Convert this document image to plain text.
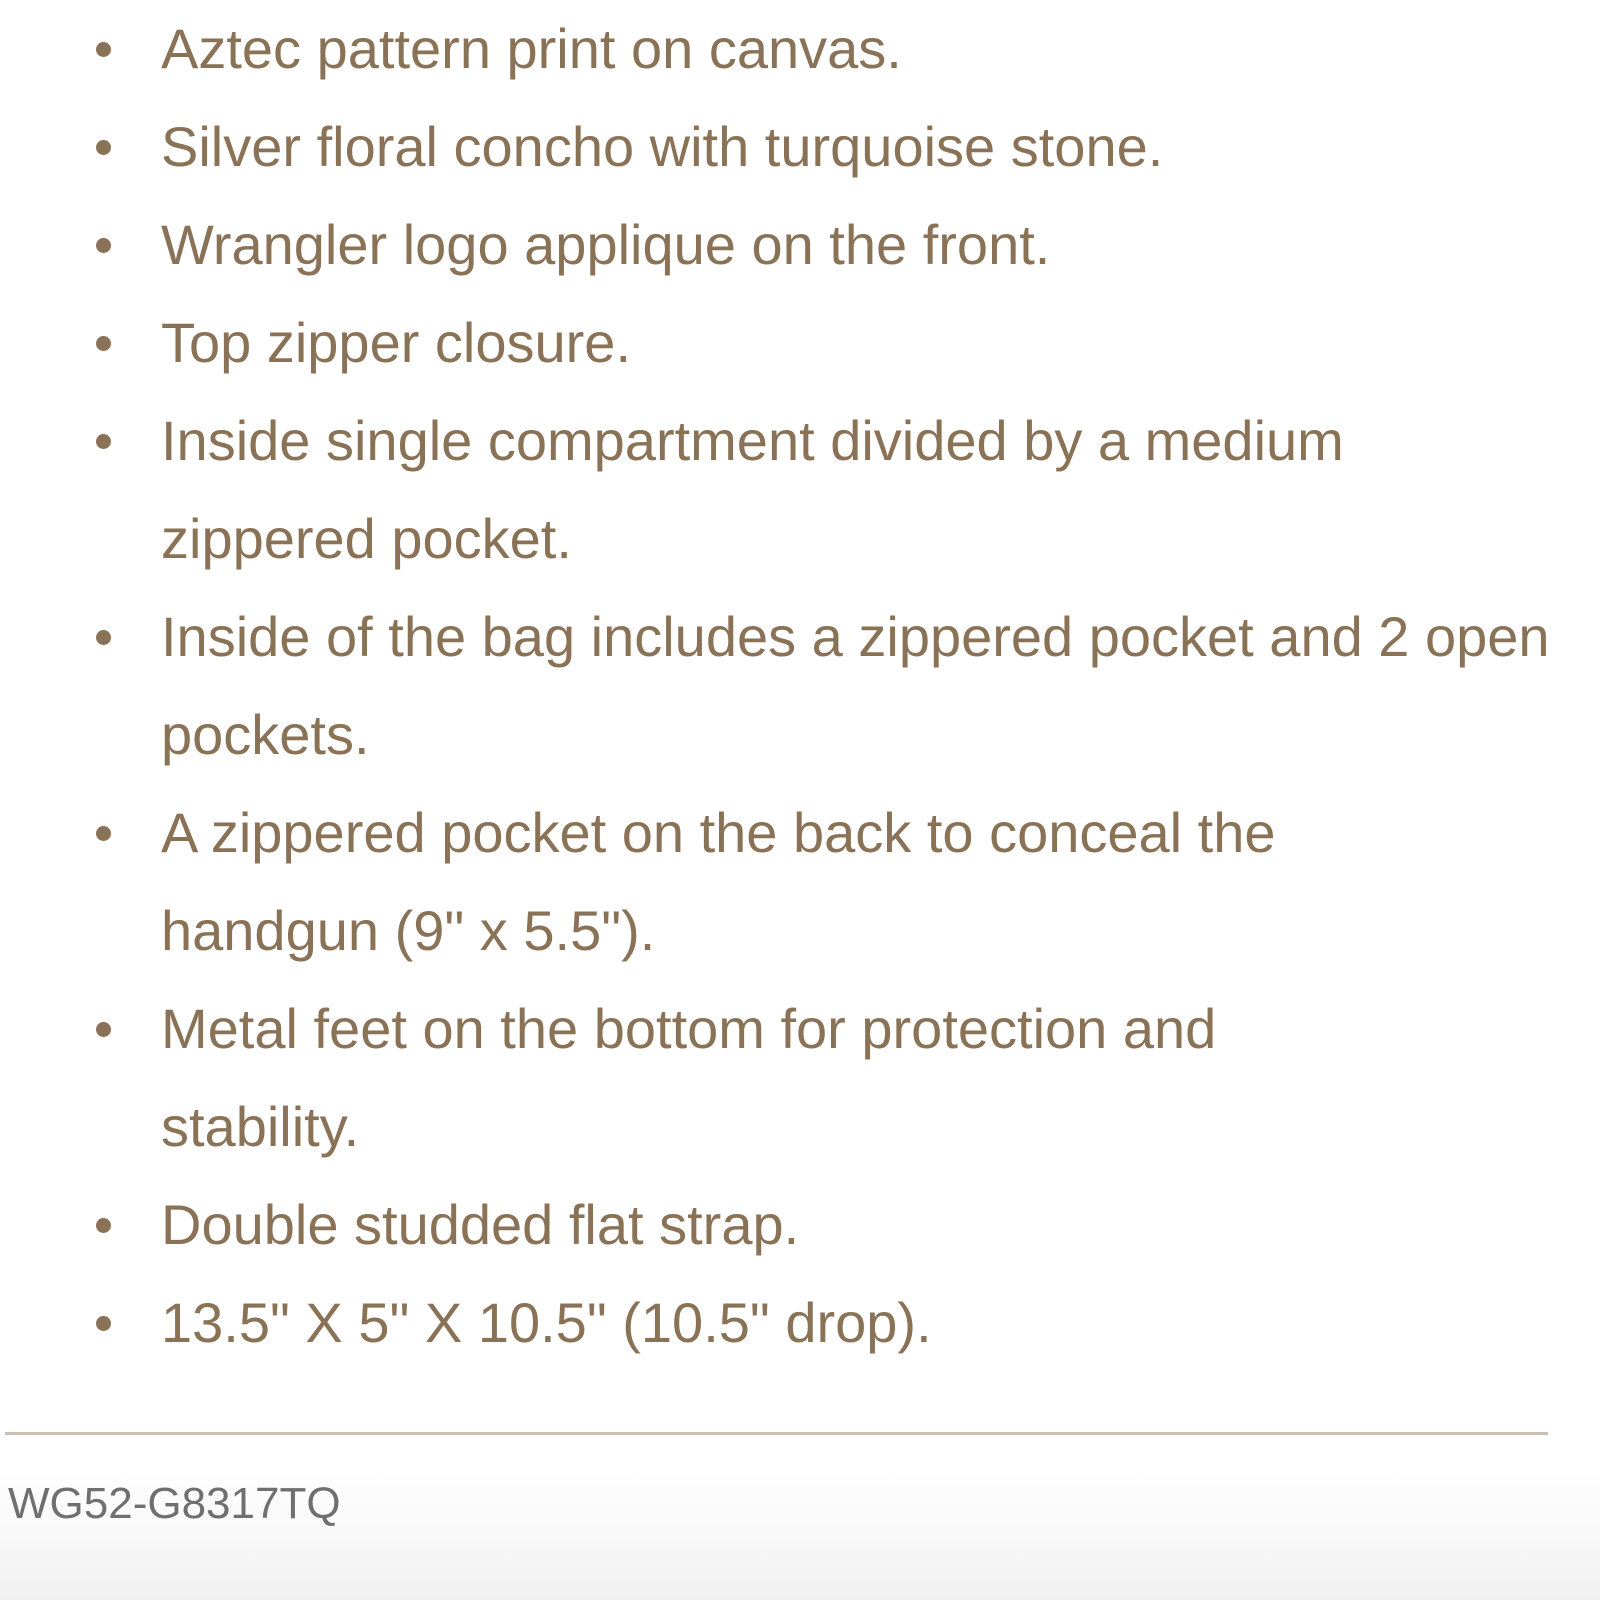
Aztec pattern print on canvas.
Silver floral concho with turquoise stone.
Wrangler logo applique on the front.
Top zipper closure.
Inside single compartment divided by a medium zippered pocket.
Inside of the bag includes a zippered pocket and 2 open pockets.
A zippered pocket on the back to conceal the handgun (9" x 5.5").
Metal feet on the bottom for protection and stability.
Double studded flat strap.
13.5" X 5" X 10.5" (10.5" drop).
WG52-G8317TQ
